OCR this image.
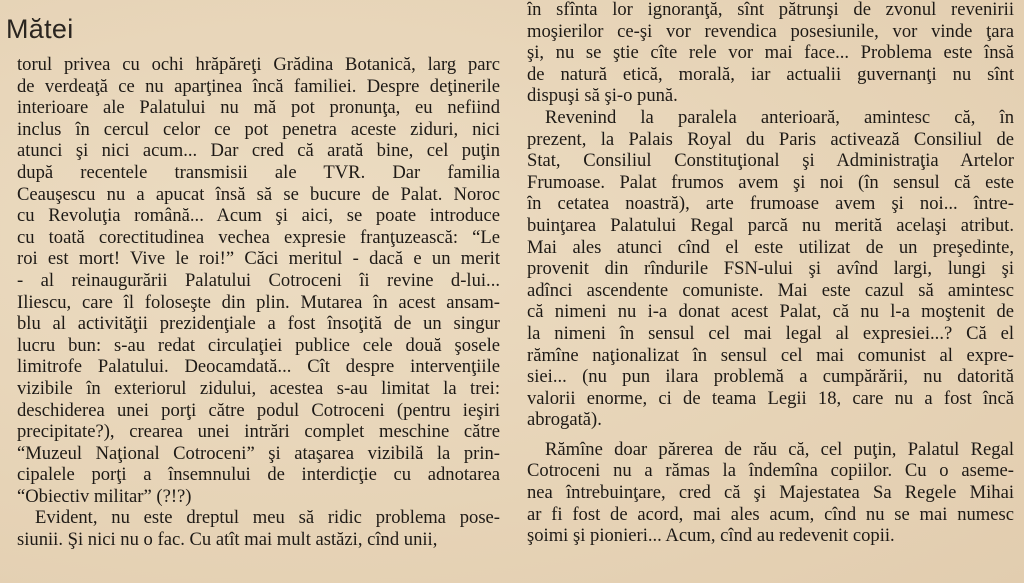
Mătei
torul privea cu ochi hrăpăreţi Grădina Botanică, larg parc
de verdeaţă ce nu aparţinea încă familiei. Despre deţinerile
interioare ale Palatului nu mă pot pronunţa, eu nefiind
inclus în cercul celor ce pot penetra aceste ziduri, nici
atunci şi nici acum... Dar cred că arată bine, cel puţin
după recentele transmisii ale TVR. Dar familia
Ceauşescu nu a apucat însă să se bucure de Palat. Noroc
cu Revoluţia română... Acum şi aici, se poate introduce
cu toată corectitudinea vechea expresie franţuzească: “Le
roi est mort! Vive le roi!” Căci meritul - dacă e un merit
- al reinaugurării Palatului Cotroceni îi revine d-lui...
Iliescu, care îl foloseşte din plin. Mutarea în acest ansam-
blu al activităţii prezidenţiale a fost însoţită de un singur
lucru bun: s-au redat circulaţiei publice cele două şosele
limitrofe Palatului. Deocamdată... Cît despre intervenţiile
vizibile în exteriorul zidului, acestea s-au limitat la trei:
deschiderea unei porţi către podul Cotroceni (pentru ieşiri
precipitate?), crearea unei intrări complet meschine către
“Muzeul Naţional Cotroceni” şi ataşarea vizibilă la prin-
cipalele porţi a însemnului de interdicţie cu adnotarea
“Obiectiv militar” (?!?)
Evident, nu este dreptul meu să ridic problema pose-
siunii. Şi nici nu o fac. Cu atît mai mult astăzi, cînd unii,
în sfînta lor ignoranţă, sînt pătrunşi de zvonul revenirii
moşierilor ce-şi vor revendica posesiunile, vor vinde ţara
şi, nu se ştie cîte rele vor mai face... Problema este însă
de natură etică, morală, iar actualii guvernanţi nu sînt
dispuşi să şi-o pună.
Revenind la paralela anterioară, amintesc că, în
prezent, la Palais Royal du Paris activează Consiliul de
Stat, Consiliul Constituţional şi Administraţia Artelor
Frumoase. Palat frumos avem şi noi (în sensul că este
în cetatea noastră), arte frumoase avem şi noi... între-
buinţarea Palatului Regal parcă nu merită acelaşi atribut.
Mai ales atunci cînd el este utilizat de un preşedinte,
provenit din rîndurile FSN-ului şi avînd largi, lungi şi
adînci ascendente comuniste. Mai este cazul să amintesc
că nimeni nu i-a donat acest Palat, că nu l-a moştenit de
la nimeni în sensul cel mai legal al expresiei...? Că el
rămîne naţionalizat în sensul cel mai comunist al expre-
siei... (nu pun ilara problemă a cumpărării, nu datorită
valorii enorme, ci de teama Legii 18, care nu a fost încă
abrogată).
Rămîne doar părerea de rău că, cel puţin, Palatul Regal
Cotroceni nu a rămas la îndemîna copiilor. Cu o aseme-
nea întrebuinţare, cred că şi Majestatea Sa Regele Mihai
ar fi fost de acord, mai ales acum, cînd nu se mai numesc
şoimi şi pionieri... Acum, cînd au redevenit copii.
